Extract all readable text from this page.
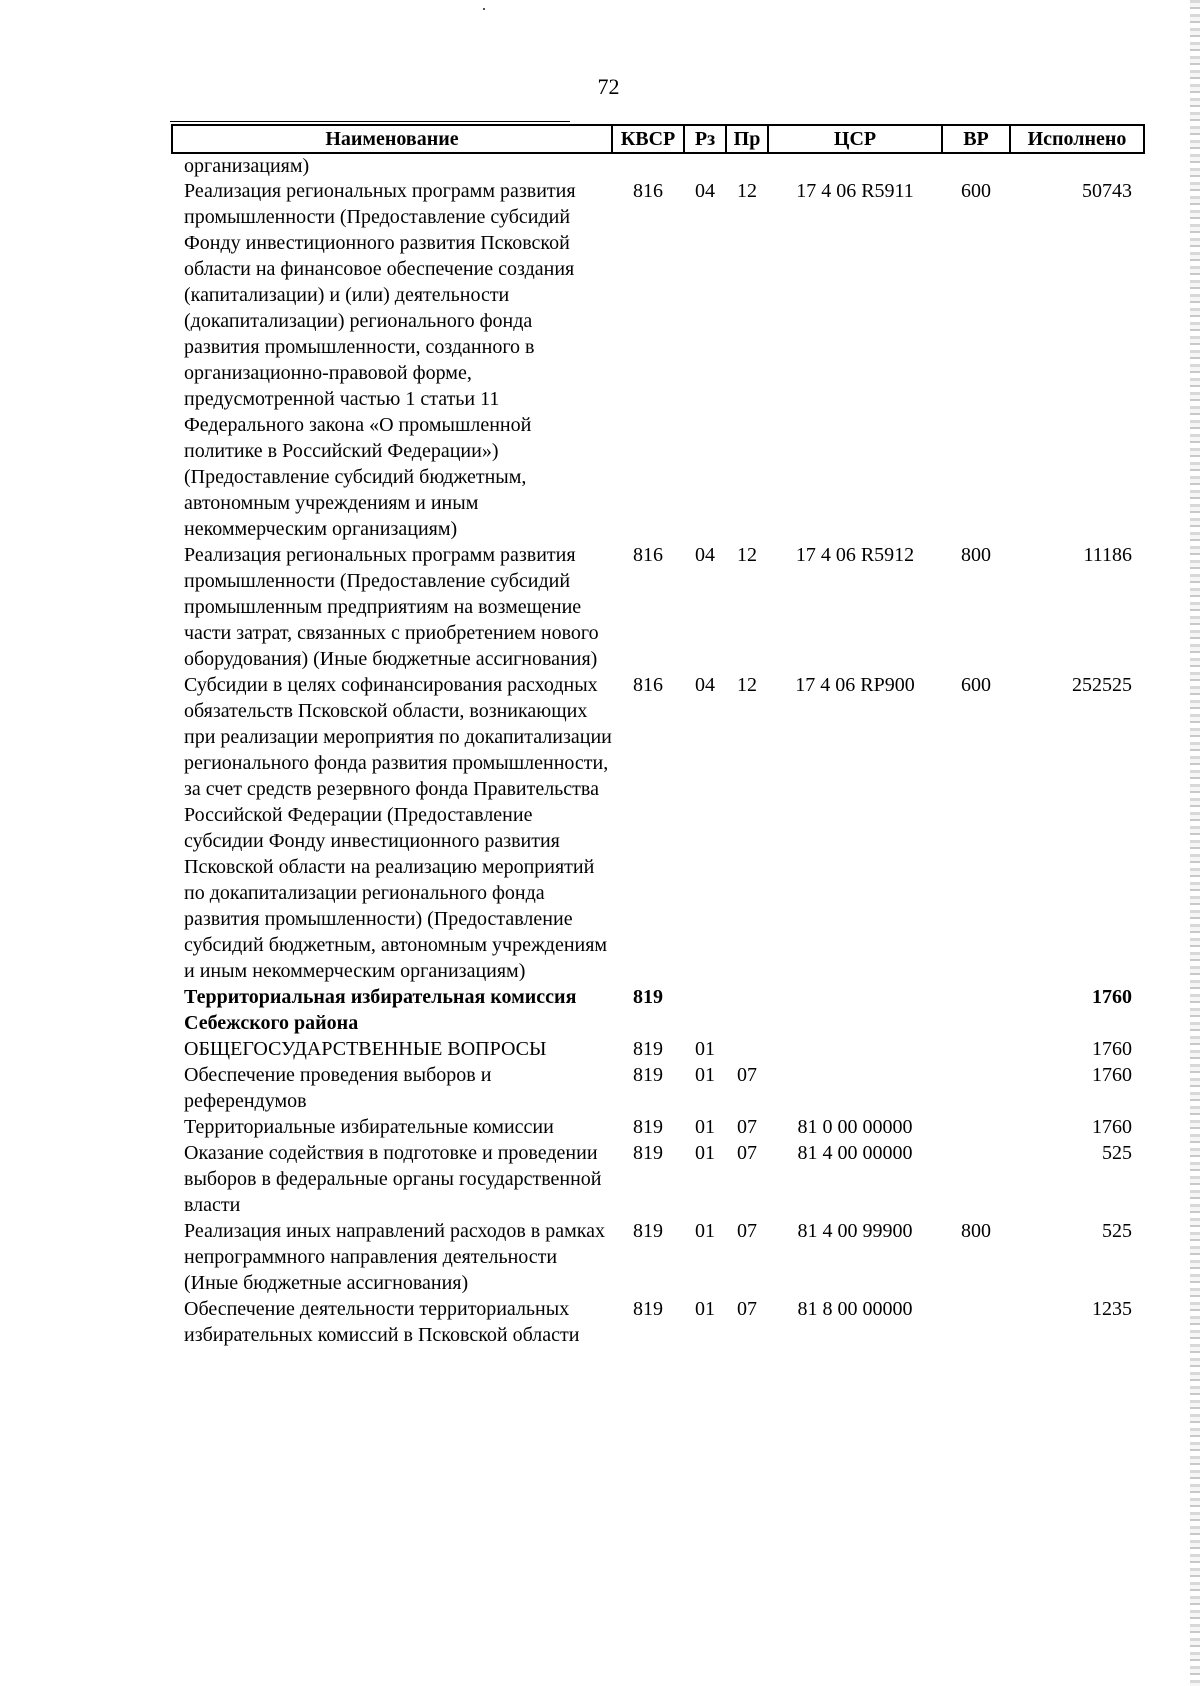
72
Наименование	КВСР	Рз	Пр	ЦСР	ВР	Исполнено
организациям)						
Реализация региональных программ развития промышленности (Предоставление субсидий Фонду инвестиционного развития Псковской области на финансовое обеспечение создания (капитализации) и (или) деятельности (докапитализации) регионального фонда развития промышленности, созданного в организационно-правовой форме, предусмотренной частью 1 статьи 11 Федерального закона «О промышленной политике в Российский Федерации») (Предоставление субсидий бюджетным, автономным учреждениям и иным некоммерческим организациям)	816	04	12	17 4 06 R5911	600	50743
Реализация региональных программ развития промышленности (Предоставление субсидий промышленным предприятиям на возмещение части затрат, связанных с приобретением нового оборудования) (Иные бюджетные ассигнования)	816	04	12	17 4 06 R5912	800	11186
Субсидии в целях софинансирования расходных обязательств Псковской области, возникающих при реализации мероприятия по докапитализации регионального фонда развития промышленности, за счет средств резервного фонда Правительства Российской Федерации (Предоставление субсидии Фонду инвестиционного развития Псковской области на реализацию мероприятий по докапитализации регионального фонда развития промышленности) (Предоставление субсидий бюджетным, автономным учреждениям и иным некоммерческим организациям)	816	04	12	17 4 06 RP900	600	252525
Территориальная избирательная комиссия Себежского района	819					1760
ОБЩЕГОСУДАРСТВЕННЫЕ ВОПРОСЫ	819	01				1760
Обеспечение проведения выборов и референдумов	819	01	07			1760
Территориальные избирательные комиссии	819	01	07	81 0 00 00000		1760
Оказание содействия в подготовке и проведении выборов в федеральные органы государственной власти	819	01	07	81 4 00 00000		525
Реализация иных направлений расходов в рамках непрограммного направления деятельности (Иные бюджетные ассигнования)	819	01	07	81 4 00 99900	800	525
Обеспечение деятельности территориальных избирательных комиссий в Псковской области	819	01	07	81 8 00 00000		1235
